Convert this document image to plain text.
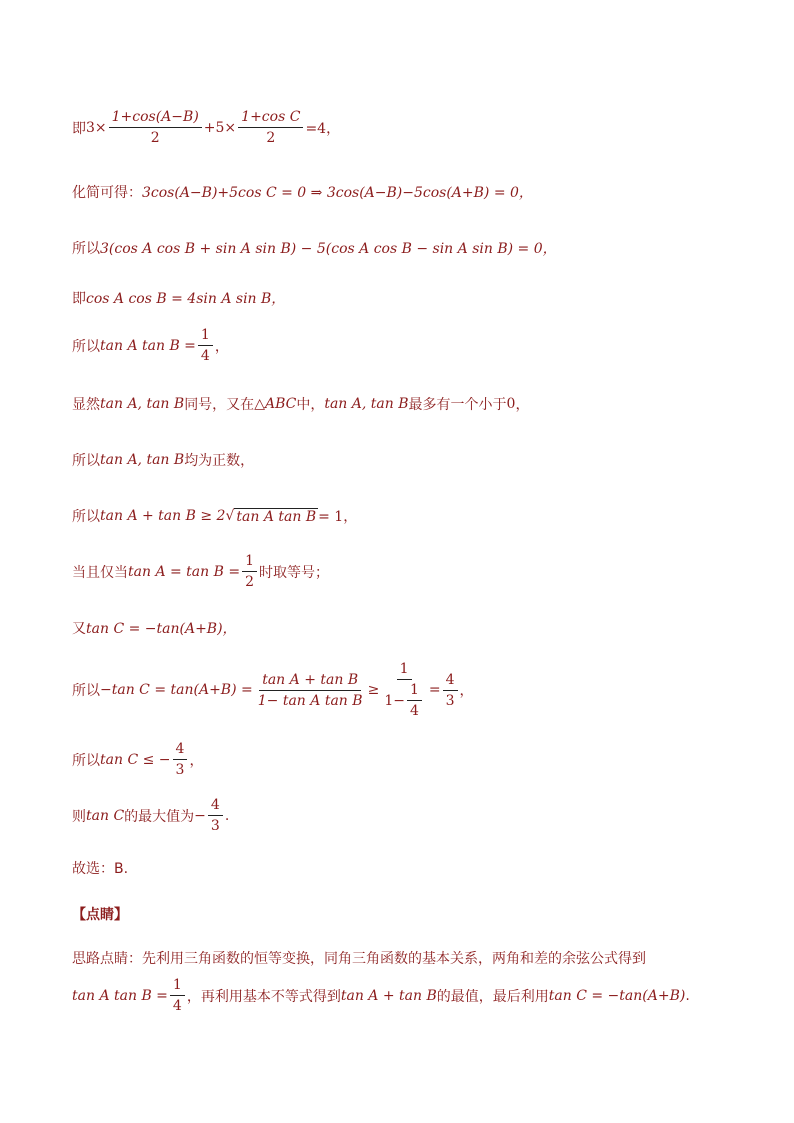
即 $3\times \frac{1+\cos(A-B)}{2} +5\times \frac{\text{1+cos C}}{2} =4$，
化简可得： 3cos(A−B)+5cos C = 0 ⇒ 3cos(A−B)−5cos(A+B) = 0，
所以 3(cos A cos B + sin A sin B) − 5(cos A cos B − sin A sin B) = 0，
即 cos A cos B = 4sin A sin B，
所以 tan A $\tan B = \frac{1}{4}$ ，
显然 tan A, tan B 同号，又在 △ABC 中， tan A, tan B 最多有一个小于 0 ，
所以 tan A, tan B 均为正数，
所以 tan A + tan B ≥ 2 √ tan A tan B = 1，
当且仅当 $\tan A = \tan B = \frac{1}{2}$ 时取等号；
又 tan C = −tan(A+B)，
所以 −tan $C = \tan(A+B) = \frac{\text{tan A + tan B}}{\text{1− tan A tan B}} \ge \frac{1}{1- \frac{1}{4}} = \frac{4}{3}$ ，
所以 tan C ≤ − $\frac{4}{3}$ ，
则 tan C 的最大值为 − $\frac{4}{3}$ .
故选：B.
【点睛】
思路点睛：先利用三角函数的恒等变换，同角三角函数的基本关系，两角和差的余弦公式得到
tan A $\tan B = \frac{1}{4}$ ，再利用基本不等式得到 tan A + tan B 的最值，最后利用 tan C = −tan(A+B) .
